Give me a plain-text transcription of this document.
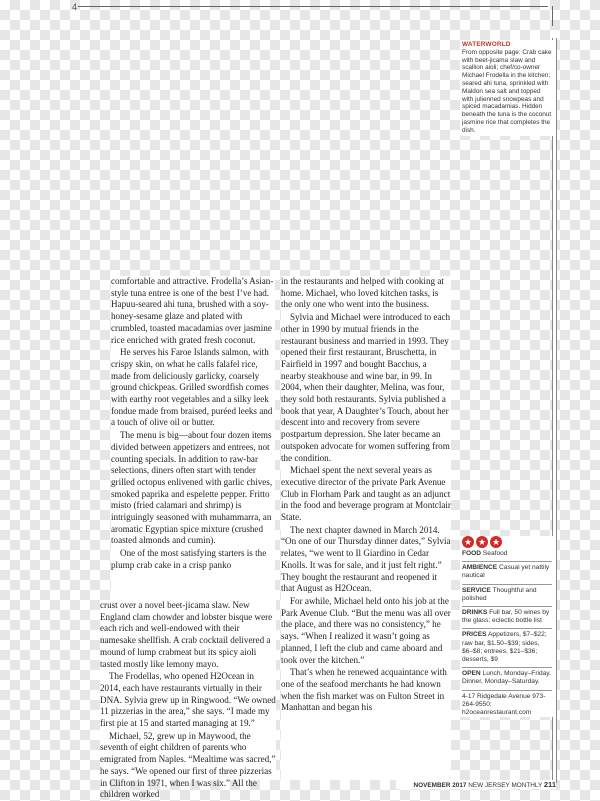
4
WATERWORLD
From opposite page: Crab cake with beet-jicama slaw and scallion aioli; chef/co-owner Michael Frodella in the kitchen; seared ahi tuna, sprinkled with Maldon sea salt and topped with julienned snowpeas and spiced macadamias. Hidden beneath the tuna is the coconut jasmine rice that completes the dish.

comfortable and attractive. Frodella’s Asian-style tuna entree is one of the best I’ve had. Hapuu-seared ahi tuna, brushed with a soy-honey-sesame glaze and plated with crumbled, toasted macadamias over jasmine rice enriched with grated fresh coconut.

He serves his Faroe Islands salmon, with crispy skin, on what he calls falafel rice, made from deliciously garlicky, coarsely ground chickpeas. Grilled swordfish comes with earthy root vegetables and a silky leek fondue made from braised, puréed leeks and a touch of olive oil or butter.

The menu is big—about four dozen items divided between appetizers and entrees, not counting specials. In addition to raw-bar selections, diners often start with tender grilled octopus enlivened with garlic chives, smoked paprika and espelette pepper. Fritto misto (fried calamari and shrimp) is intriguingly seasoned with muhammarra, an aromatic Egyptian spice mixture (crushed toasted almonds and cumin).

One of the most satisfying starters is the plump crab cake in a crisp panko

crust over a novel beet-jicama slaw. New England clam chowder and lobster bisque were each rich and well-endowed with their namesake shellfish. A crab cocktail delivered a mound of lump crabmeat but its spicy aioli tasted mostly like lemony mayo.

The Frodellas, who opened H2Ocean in 2014, each have restaurants virtually in their DNA. Sylvia grew up in Ringwood. “We owned 11 pizzerias in the area,” she says. “I made my first pie at 15 and started managing at 19.”

Michael, 52, grew up in Maywood, the seventh of eight children of parents who emigrated from Naples. “Mealtime was sacred,” he says. “We opened our first of three pizzerias in Clifton in 1971, when I was six.” All the children worked

in the restaurants and helped with cooking at home. Michael, who loved kitchen tasks, is the only one who went into the business.

Sylvia and Michael were introduced to each other in 1990 by mutual friends in the restaurant business and married in 1993. They opened their first restaurant, Bruschetta, in Fairfield in 1997 and bought Bacchus, a nearby steakhouse and wine bar, in 99. In 2004, when their daughter, Melina, was four, they sold both restaurants. Sylvia published a book that year, A Daughter’s Touch, about her descent into and recovery from severe postpartum depression. She later became an outspoken advocate for women suffering from the condition.

Michael spent the next several years as executive director of the private Park Avenue Club in Florham Park and taught as an adjunct in the food and beverage program at Montclair State.

The next chapter dawned in March 2014. “On one of our Thursday dinner dates,” Sylvia relates, “we went to Il Giardino in Cedar Knolls. It was for sale, and it just felt right.” They bought the restaurant and reopened it that August as H2Ocean.

For awhile, Michael held onto his job at the Park Avenue Club. “But the menu was all over the place, and there was no consistency,” he says. “When I realized it wasn’t going as planned, I left the club and came aboard and took over the kitchen.”

That’s when he renewed acquaintance with one of the seafood merchants he had known when the fish market was on Fulton Street in Manhattan and began his

★ ★ ★
FOOD Seafood
AMBIENCE Casual yet nattily nautical
SERVICE Thoughtful and polished
DRINKS Full bar, 50 wines by the glass; eclectic bottle list
PRICES Appetizers, $7–$22; raw bar, $1.50–$39; sides, $6–$8; entrees, $21–$36; desserts, $9
OPEN Lunch, Monday–Friday. Dinner, Monday–Saturday.
4-17 Ridgedale Avenue 973-264-9550; h2oceanrestaurant.com
NOVEMBER 2017 NEW JERSEY MONTHLY 211
